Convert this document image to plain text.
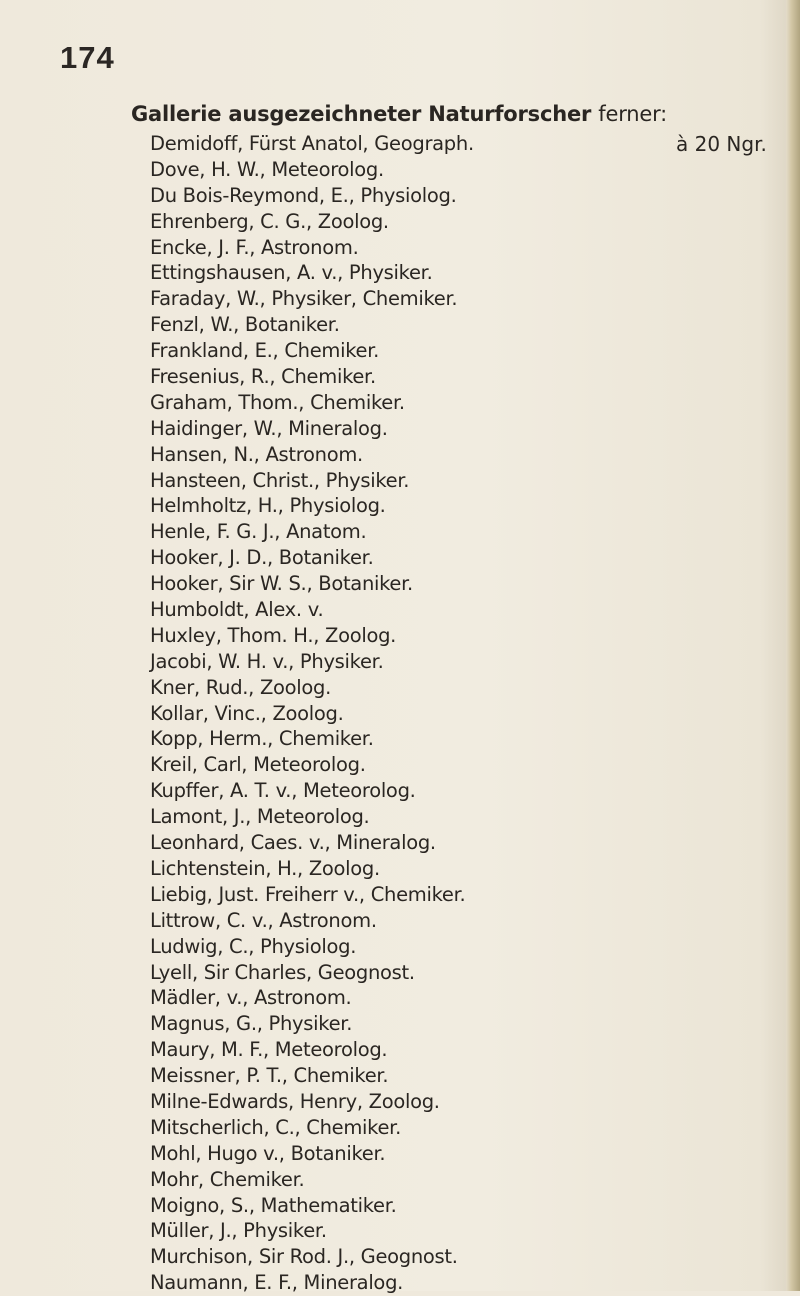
174
Gallerie ausgezeichneter Naturforscher ferner:
à 20 Ngr.
Demidoff, Fürst Anatol, Geograph.
Dove, H. W., Meteorolog.
Du Bois-Reymond, E., Physiolog.
Ehrenberg, C. G., Zoolog.
Encke, J. F., Astronom.
Ettingshausen, A. v., Physiker.
Faraday, W., Physiker, Chemiker.
Fenzl, W., Botaniker.
Frankland, E., Chemiker.
Fresenius, R., Chemiker.
Graham, Thom., Chemiker.
Haidinger, W., Mineralog.
Hansen, N., Astronom.
Hansteen, Christ., Physiker.
Helmholtz, H., Physiolog.
Henle, F. G. J., Anatom.
Hooker, J. D., Botaniker.
Hooker, Sir W. S., Botaniker.
Humboldt, Alex. v.
Huxley, Thom. H., Zoolog.
Jacobi, W. H. v., Physiker.
Kner, Rud., Zoolog.
Kollar, Vinc., Zoolog.
Kopp, Herm., Chemiker.
Kreil, Carl, Meteorolog.
Kupffer, A. T. v., Meteorolog.
Lamont, J., Meteorolog.
Leonhard, Caes. v., Mineralog.
Lichtenstein, H., Zoolog.
Liebig, Just. Freiherr v., Chemiker.
Littrow, C. v., Astronom.
Ludwig, C., Physiolog.
Lyell, Sir Charles, Geognost.
Mädler, v., Astronom.
Magnus, G., Physiker.
Maury, M. F., Meteorolog.
Meissner, P. T., Chemiker.
Milne-Edwards, Henry, Zoolog.
Mitscherlich, C., Chemiker.
Mohl, Hugo v., Botaniker.
Mohr, Chemiker.
Moigno, S., Mathematiker.
Müller, J., Physiker.
Murchison, Sir Rod. J., Geognost.
Naumann, E. F., Mineralog.
